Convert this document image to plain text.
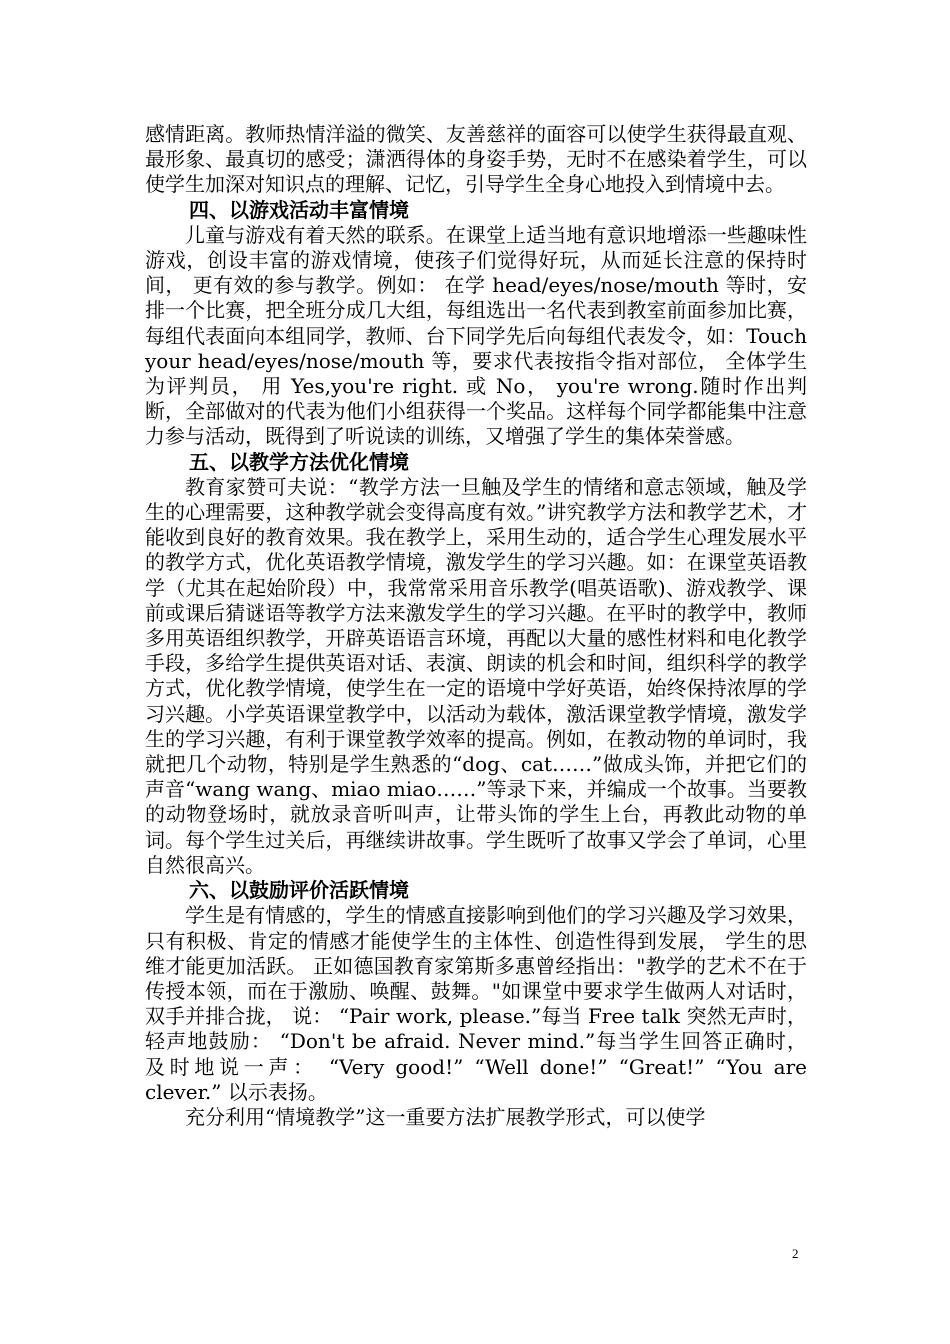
感情距离。教师热情洋溢的微笑、友善慈祥的面容可以使学生获得最直观、最形象、最真切的感受；潇洒得体的身姿手势，无时不在感染着学生，可以使学生加深对知识点的理解、记忆，引导学生全身心地投入到情境中去。

四、以游戏活动丰富情境

儿童与游戏有着天然的联系。在课堂上适当地有意识地增添一些趣味性游戏，创设丰富的游戏情境，使孩子们觉得好玩，从而延长注意的保持时间， 更有效的参与教学。例如： 在学 head/eyes/nose/mouth 等时，安排一个比赛，把全班分成几大组，每组选出一名代表到教室前面参加比赛，每组代表面向本组同学，教师、台下同学先后向每组代表发令，如：Touch your head/eyes/nose/mouth 等，要求代表按指令指对部位， 全体学生为评判员， 用 Yes,you're right. 或 No， you're wrong.随时作出判断，全部做对的代表为他们小组获得一个奖品。这样每个同学都能集中注意力参与活动，既得到了听说读的训练，又增强了学生的集体荣誉感。

五、以教学方法优化情境

教育家赞可夫说：“教学方法一旦触及学生的情绪和意志领域，触及学生的心理需要，这种教学就会变得高度有效。”讲究教学方法和教学艺术，才能收到良好的教育效果。我在教学上，采用生动的，适合学生心理发展水平的教学方式，优化英语教学情境，激发学生的学习兴趣。如：在课堂英语教学（尤其在起始阶段）中，我常常采用音乐教学(唱英语歌)、游戏教学、课前或课后猜谜语等教学方法来激发学生的学习兴趣。在平时的教学中，教师多用英语组织教学，开辟英语语言环境，再配以大量的感性材料和电化教学手段，多给学生提供英语对话、表演、朗读的机会和时间，组织科学的教学方式，优化教学情境，使学生在一定的语境中学好英语，始终保持浓厚的学习兴趣。小学英语课堂教学中，以活动为载体，激活课堂教学情境，激发学生的学习兴趣，有利于课堂教学效率的提高。例如，在教动物的单词时，我就把几个动物，特别是学生熟悉的“dog、cat……”做成头饰，并把它们的声音“wang wang、miao miao……”等录下来，并编成一个故事。当要教的动物登场时，就放录音听叫声，让带头饰的学生上台，再教此动物的单词。每个学生过关后，再继续讲故事。学生既听了故事又学会了单词，心里自然很高兴。

六、以鼓励评价活跃情境

学生是有情感的，学生的情感直接影响到他们的学习兴趣及学习效果，只有积极、肯定的情感才能使学生的主体性、创造性得到发展， 学生的思维才能更加活跃。 正如德国教育家第斯多惠曾经指出："教学的艺术不在于传授本领，而在于激励、唤醒、鼓舞。"如课堂中要求学生做两人对话时， 双手并排合拢， 说： “Pair work, please.”每当 Free talk 突然无声时， 轻声地鼓励： “Don't be afraid. Never mind.”每当学生回答正确时， 及时地说一声： “Very good!” “Well done!” “Great!” “You are clever.” 以示表扬。

充分利用“情境教学”这一重要方法扩展教学形式，可以使学

2
